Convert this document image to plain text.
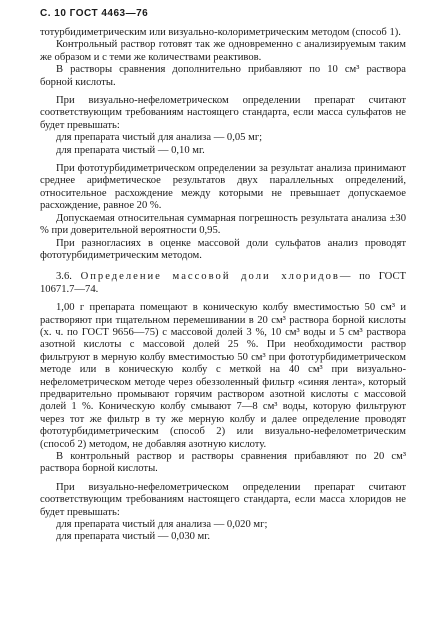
С. 10 ГОСТ 4463—76

тотурбидиметрическим или визуально-колориметрическим методом (способ 1).

Контрольный раствор готовят так же одновременно с анализируемым таким же образом и с теми же количествами реактивов.

В растворы сравнения дополнительно прибавляют по 10 см³ раствора борной кислоты.

При визуально-нефелометрическом определении препарат считают соответствующим требованиям настоящего стандарта, если масса сульфатов не будет превышать:

для препарата чистый для анализа — 0,05 мг;

для препарата чистый — 0,10 мг.

При фототурбидиметрическом определении за результат анализа принимают среднее арифметическое результатов двух параллельных определений, относительное расхождение между которыми не превышает допускаемое расхождение, равное 20 %.

Допускаемая относительная суммарная погрешность результата анализа ±30 % при доверительной вероятности 0,95.

При разногласиях в оценке массовой доли сульфатов анализ проводят фототурбидиметрическим методом.

3.6. Определение массовой доли хлоридов— по ГОСТ 10671.7—74.

1,00 г препарата помещают в коническую колбу вместимостью 50 см³ и растворяют при тщательном перемешивании в 20 см³ раствора борной кислоты (х. ч. по ГОСТ 9656—75) с массовой долей 3 %, 10 см³ воды и 5 см³ раствора азотной кислоты с массовой долей 25 %. При необходимости раствор фильтруют в мерную колбу вместимостью 50 см³ при фототурбидиметрическом методе или в коническую колбу с меткой на 40 см³ при визуально-нефелометрическом методе через обеззоленный фильтр «синяя лента», который предварительно промывают горячим раствором азотной кислоты с массовой долей 1 %. Коническую колбу смывают 7—8 см³ воды, которую фильтруют через тот же фильтр в ту же мерную колбу и далее определение проводят фототурбидиметрическим (способ 2) или визуально-нефелометрическим (способ 2) методом, не добавляя азотную кислоту.

В контрольный раствор и растворы сравнения прибавляют по 20 см³ раствора борной кислоты.

При визуально-нефелометрическом определении препарат считают соответствующим требованиям настоящего стандарта, если масса хлоридов не будет превышать:

для препарата чистый для анализа — 0,020 мг;

для препарата чистый — 0,030 мг.
